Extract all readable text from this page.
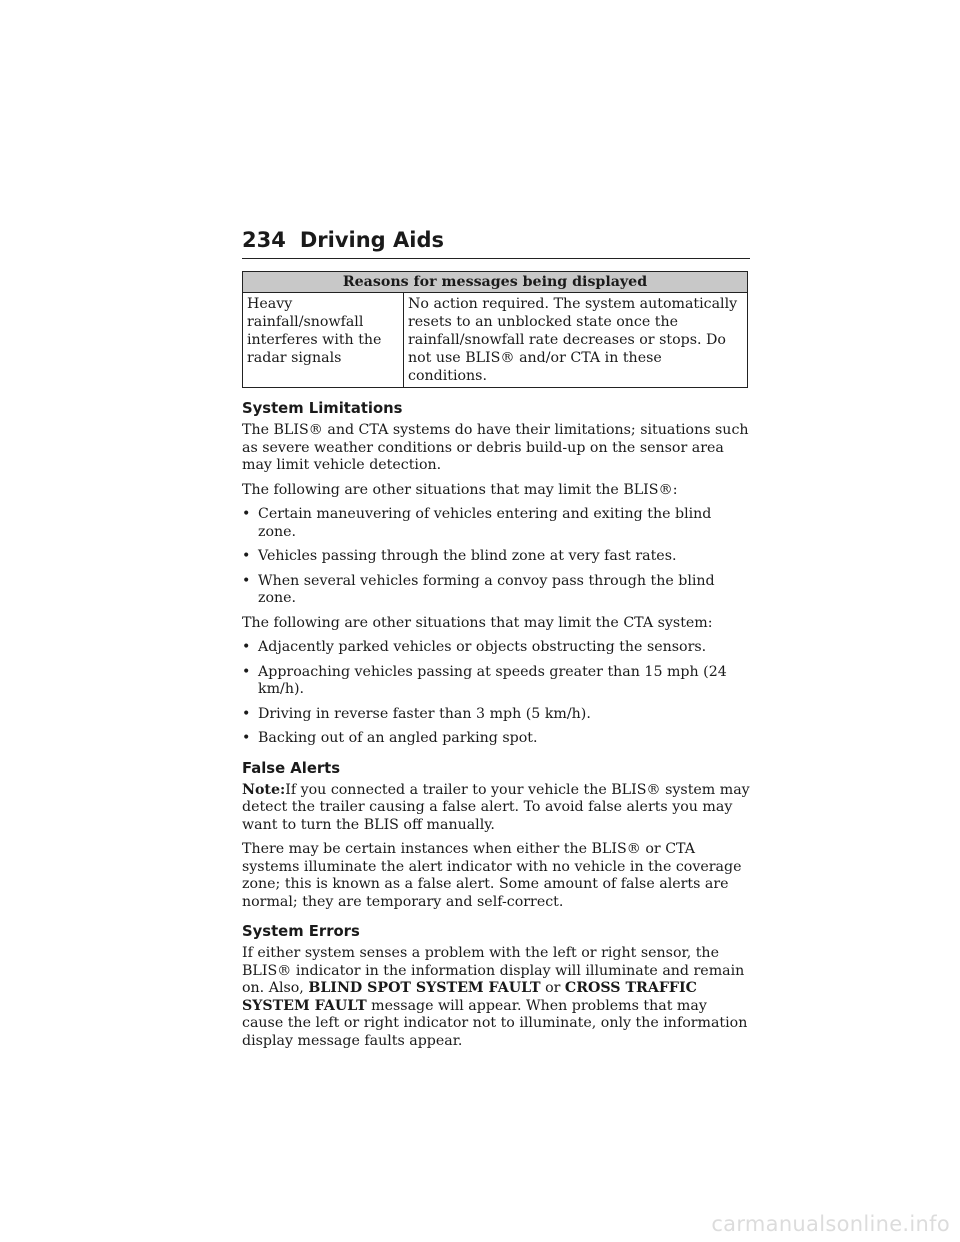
234 Driving Aids
Reasons for messages being displayed
Heavy rainfall/snowfall interferes with the radar signals	No action required. The system automatically resets to an unblocked state once the rainfall/snowfall rate decreases or stops. Do not use BLIS® and/or CTA in these conditions.
System Limitations

The BLIS® and CTA systems do have their limitations; situations such as severe weather conditions or debris build-up on the sensor area may limit vehicle detection.

The following are other situations that may limit the BLIS®:

• Certain maneuvering of vehicles entering and exiting the blind zone.
• Vehicles passing through the blind zone at very fast rates.
• When several vehicles forming a convoy pass through the blind zone.

The following are other situations that may limit the CTA system:

• Adjacently parked vehicles or objects obstructing the sensors.
• Approaching vehicles passing at speeds greater than 15 mph (24 km/h).
• Driving in reverse faster than 3 mph (5 km/h).
• Backing out of an angled parking spot.
False Alerts

Note:If you connected a trailer to your vehicle the BLIS® system may detect the trailer causing a false alert. To avoid false alerts you may want to turn the BLIS off manually.

There may be certain instances when either the BLIS® or CTA systems illuminate the alert indicator with no vehicle in the coverage zone; this is known as a false alert. Some amount of false alerts are normal; they are temporary and self-correct.

System Errors

If either system senses a problem with the left or right sensor, the BLIS® indicator in the information display will illuminate and remain on. Also, BLIND SPOT SYSTEM FAULT or CROSS TRAFFIC SYSTEM FAULT message will appear. When problems that may cause the left or right indicator not to illuminate, only the information display message faults appear.

carmanualsonline.info
